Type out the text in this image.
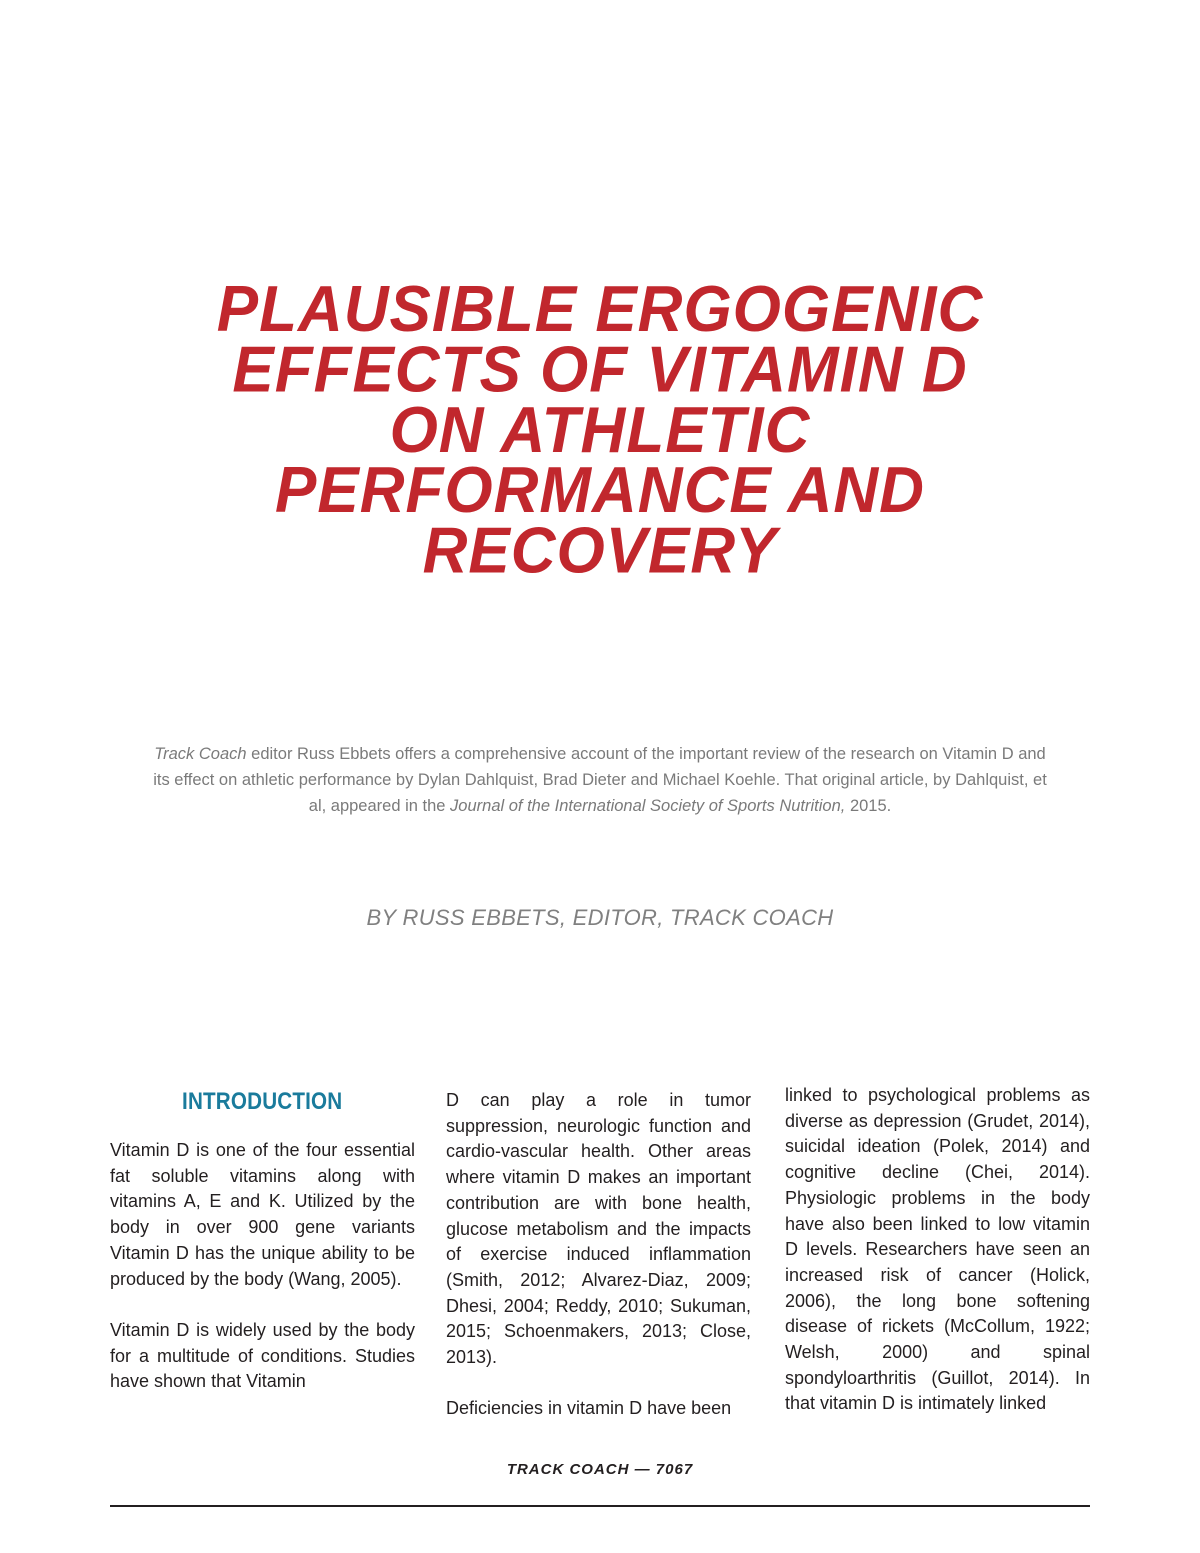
PLAUSIBLE ERGOGENIC
EFFECTS OF VITAMIN D
ON ATHLETIC
PERFORMANCE AND
RECOVERY

Track Coach editor Russ Ebbets offers a comprehensive account of the important review of the research on Vitamin D and its effect on athletic performance by Dylan Dahlquist, Brad Dieter and Michael Koehle. That original article, by Dahlquist, et al, appeared in the Journal of the International Society of Sports Nutrition, 2015.

BY RUSS EBBETS, EDITOR, TRACK COACH
INTRODUCTION

Vitamin D is one of the four essential fat soluble vitamins along with vitamins A, E and K. Utilized by the body in over 900 gene variants Vitamin D has the unique ability to be produced by the body (Wang, 2005).

Vitamin D is widely used by the body for a multitude of conditions. Studies have shown that Vitamin

D can play a role in tumor suppression, neurologic function and cardio-vascular health. Other areas where vitamin D makes an important contribution are with bone health, glucose metabolism and the impacts of exercise induced inflammation (Smith, 2012; Alvarez-Diaz, 2009; Dhesi, 2004; Reddy, 2010; Sukuman, 2015; Schoenmakers, 2013; Close, 2013).

Deficiencies in vitamin D have been

linked to psychological problems as diverse as depression (Grudet, 2014), suicidal ideation (Polek, 2014) and cognitive decline (Chei, 2014). Physiologic problems in the body have also been linked to low vitamin D levels. Researchers have seen an increased risk of cancer (Holick, 2006), the long bone softening disease of rickets (McCollum, 1922; Welsh, 2000) and spinal spondyloarthritis (Guillot, 2014). In that vitamin D is intimately linked

TRACK COACH — 7067
